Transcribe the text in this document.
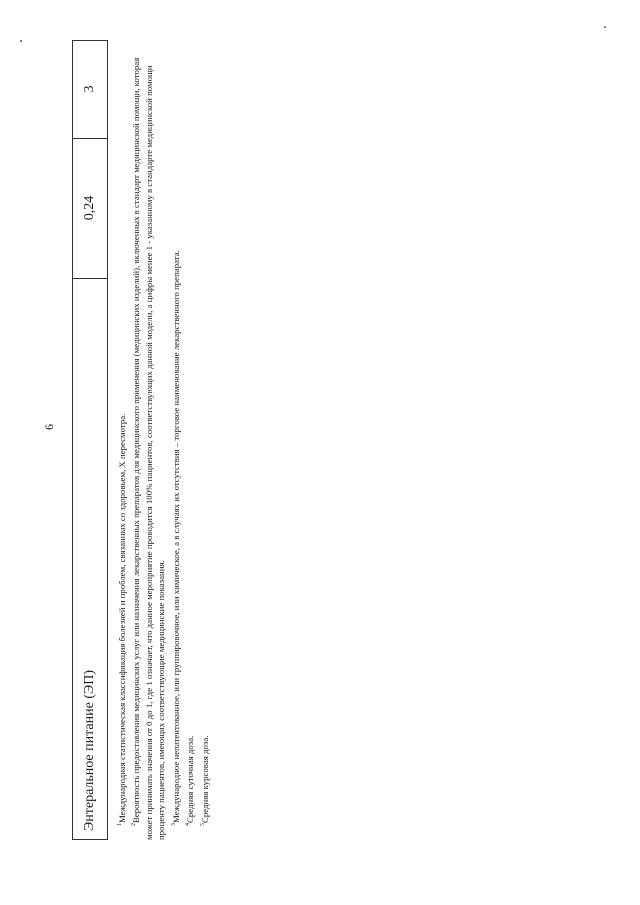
6
Энтеральное питание (ЭП)
0,24
3

$^1$Международная статистическая классификация болезней и проблем, связанных со здоровьем, X пересмотра.

$^2$Вероятность предоставления медицинских услуг или назначения лекарственных препаратов для медицинского применения (медицинских изделий), включенных в стандарт медицинской помощи, которая может принимать значения от 0 до 1, где 1 означает, что данное мероприятие проводится 100% пациентов, соответствующих данной модели, а цифры менее 1 - указанному в стандарте медицинской помощи проценту пациентов, имеющих соответствующие медицинские показания. $^3$Международное непатентованное, или группировочное, или химическое, а в случаях их отсутствия – торговое наименование лекарственного препарата.

$^4$Средняя суточная доза.

$^5$Средняя курсовая доза.
